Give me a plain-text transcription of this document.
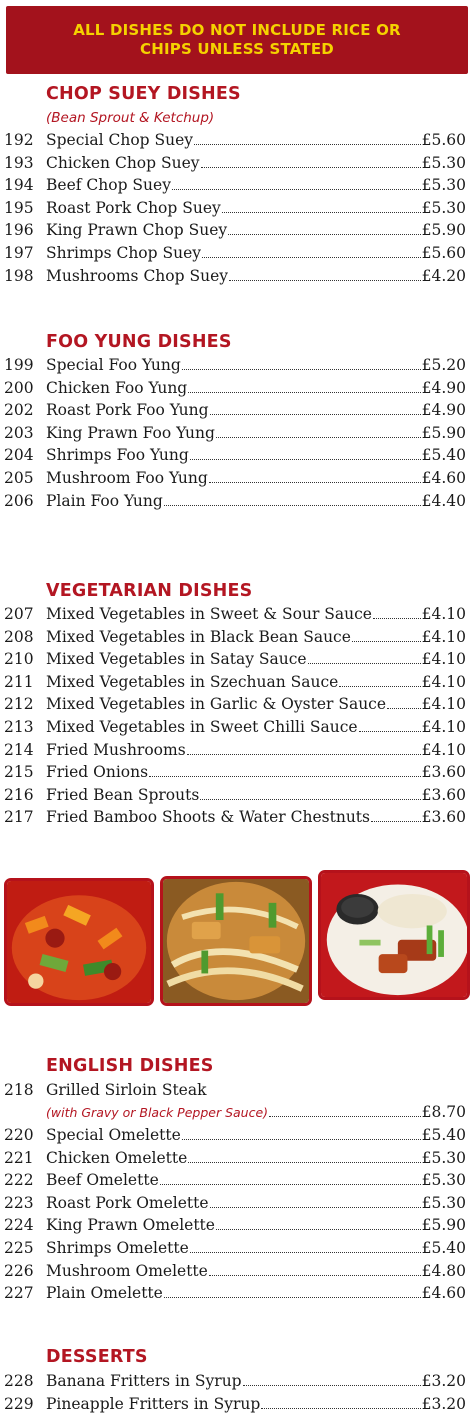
ALL DISHES DO NOT INCLUDE RICE OR
CHIPS UNLESS STATED
CHOP SUEY DISHES
(Bean Sprout & Ketchup)
192 Special Chop Suey	£5.60
193 Chicken Chop Suey	£5.30
194 Beef Chop Suey	£5.30
195 Roast Pork Chop Suey	£5.30
196 King Prawn Chop Suey	£5.90
197 Shrimps Chop Suey	£5.60
198 Mushrooms Chop Suey	£4.20
FOO YUNG DISHES
199 Special Foo Yung	£5.20
200 Chicken Foo Yung	£4.90
202 Roast Pork Foo Yung	£4.90
203 King Prawn Foo Yung	£5.90
204 Shrimps Foo Yung	£5.40
205 Mushroom Foo Yung	£4.60
206 Plain Foo Yung	£4.40
VEGETARIAN DISHES
207 Mixed Vegetables in Sweet & Sour Sauce	£4.10
208 Mixed Vegetables in Black Bean Sauce	£4.10
210 Mixed Vegetables in Satay Sauce	£4.10
211 Mixed Vegetables in Szechuan Sauce	£4.10
212 Mixed Vegetables in Garlic & Oyster Sauce £4.10
213 Mixed Vegetables in Sweet Chilli Sauce	£4.10
214 Fried Mushrooms	£4.10
215 Fried Onions	£3.60
216 Fried Bean Sprouts	£3.60
217 Fried Bamboo Shoots & Water Chestnuts	£3.60
ENGLISH DISHES
218 Grilled Sirloin Steak
(with Gravy or Black Pepper Sauce)	£8.70
220 Special Omelette	£5.40
221 Chicken Omelette	£5.30
222 Beef Omelette	£5.30
223 Roast Pork Omelette	£5.30
224 King Prawn Omelette	£5.90
225 Shrimps Omelette	£5.40
226 Mushroom Omelette	£4.80
227 Plain Omelette	£4.60
DESSERTS
228 Banana Fritters in Syrup	£3.20
229 Pineapple Fritters in Syrup	£3.20
